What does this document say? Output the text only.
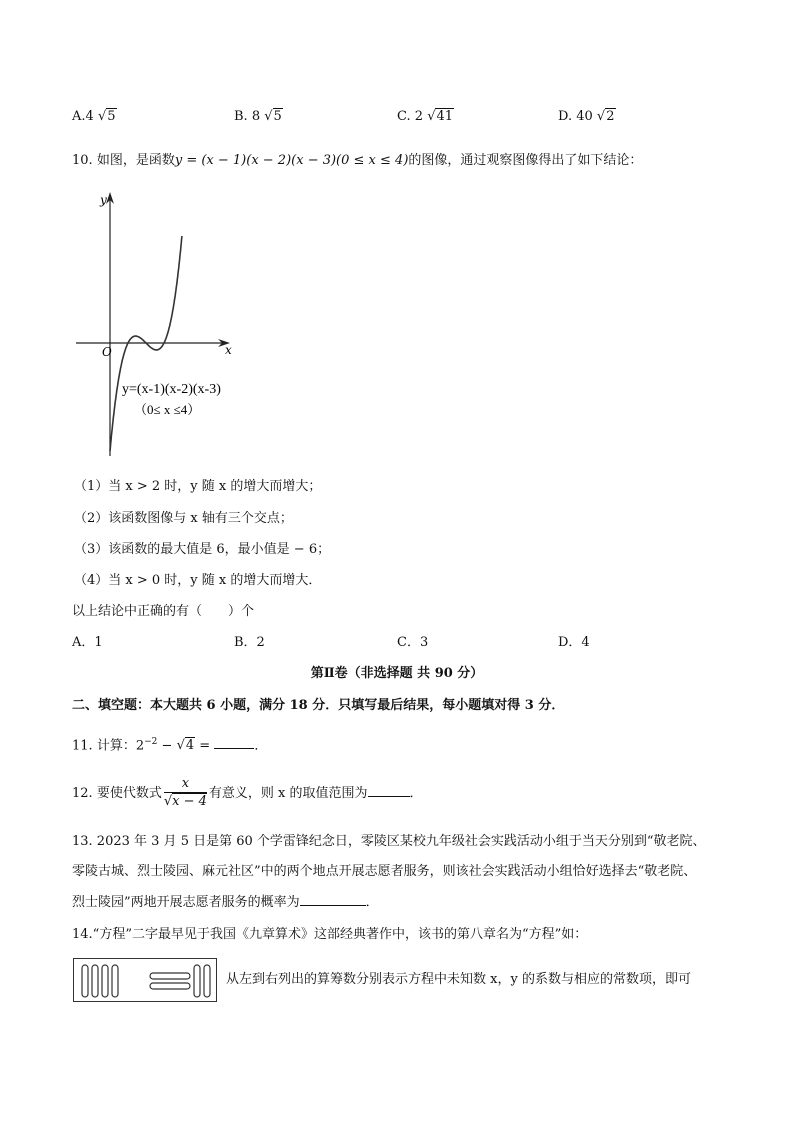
A.4 √5	B. 8 √5	C. 2 √41	D. 40 √2
10. 如图，是函数y = (x − 1)(x − 2)(x − 3)(0 ≤ x ≤ 4)的图像，通过观察图像得出了如下结论：
y
x
O
y=(x-1)(x-2)(x-3)
（0≤ x ≤4）
（1）当 x > 2 时，y 随 x 的增大而增大；
（2）该函数图像与 x 轴有三个交点；
（3）该函数的最大值是 6，最小值是 − 6；
（4）当 x > 0 时，y 随 x 的增大而增大．
以上结论中正确的有（　　）个
A．1	B．2	C．3	D．4
第Ⅱ卷（非选择题 共 90 分）
二、填空题：本大题共 6 小题，满分 18 分．只填写最后结果，每小题填对得 3 分．
11. 计算：$2^{-2} - √4$ =	．
12. 要使代数式 $\frac{x}{√x - 4}$ 有意义，则 x 的取值范围为	．
13. 2023 年 3 月 5 日是第 60 个学雷锋纪念日，零陵区某校九年级社会实践活动小组于当天分别到“敬老院、
零陵古城、烈士陵园、麻元社区”中的两个地点开展志愿者服务，则该社会实践活动小组恰好选择去“敬老院、
烈士陵园”两地开展志愿者服务的概率为	．
14.“方程”二字最早见于我国《九章算术》这部经典著作中，该书的第八章名为“方程”如：
从左到右列出的算筹数分别表示方程中未知数 x，y 的系数与相应的常数项，即可
